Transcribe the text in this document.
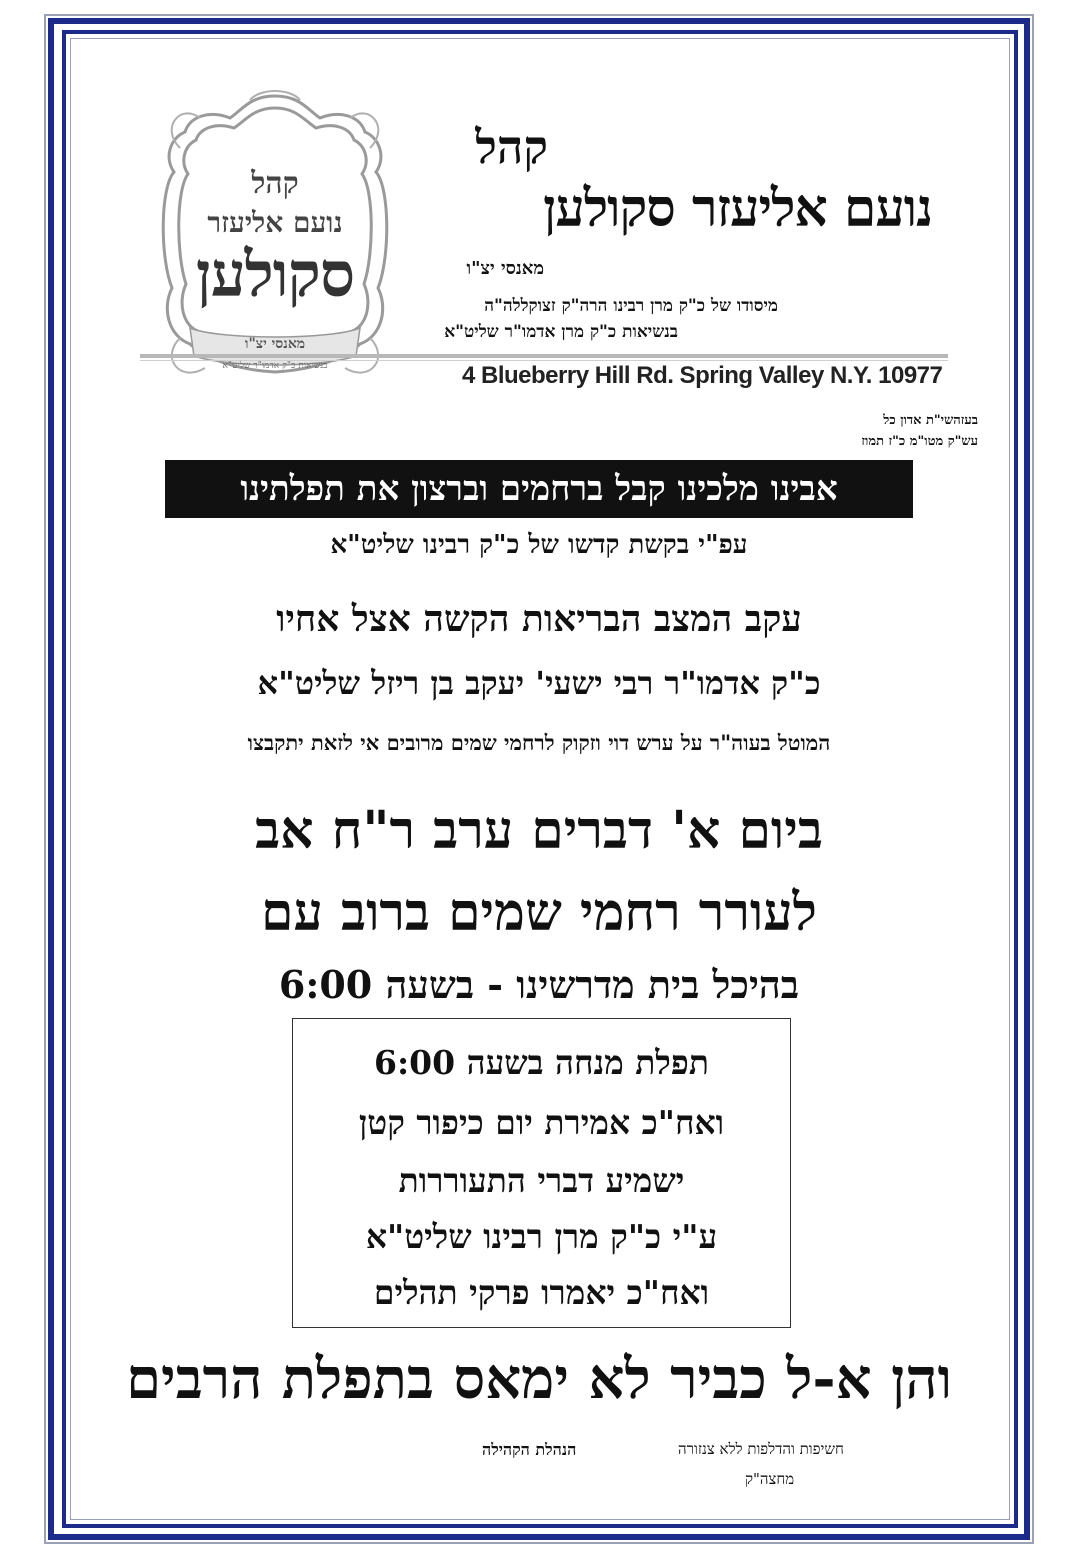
קהל
נועם אליעזר
סקולען
מאנסי יצ"ו
בנשיאות כ"ק אדמו"ר שליט"א
קהל
נועם אליעזר סקולען
מאנסי יצ"ו
מיסודו של כ"ק מרן רבינו הרה"ק זצוקללה"ה
בנשיאות כ"ק מרן אדמו"ר שליט"א
4 Blueberry Hill Rd. Spring Valley N.Y. 10977
בעזהשי"ת אדון כל
עש"ק מטו"מ כ"ז תמוז
אבינו מלכינו קבל ברחמים וברצון את תפלתינו
עפ"י בקשת קדשו של כ"ק רבינו שליט"א
עקב המצב הבריאות הקשה אצל אחיו
כ"ק אדמו"ר רבי ישעי' יעקב בן ריזל שליט"א
המוטל בעוה"ר על ערש דוי וזקוק לרחמי שמים מרובים אי לזאת יתקבצו
ביום א' דברים ערב ר"ח אב
לעורר רחמי שמים ברוב עם
בהיכל בית מדרשינו - בשעה 6:00
תפלת מנחה בשעה 6:00
ואח"כ אמירת יום כיפור קטן
ישמיע דברי התעוררות
ע"י כ"ק מרן רבינו שליט"א
ואח"כ יאמרו פרקי תהלים
והן א-ל כביר לא ימאס בתפלת הרבים
הנהלת הקהילה	חשיפות והדלפות ללא צנזורה
מחצה"ק
